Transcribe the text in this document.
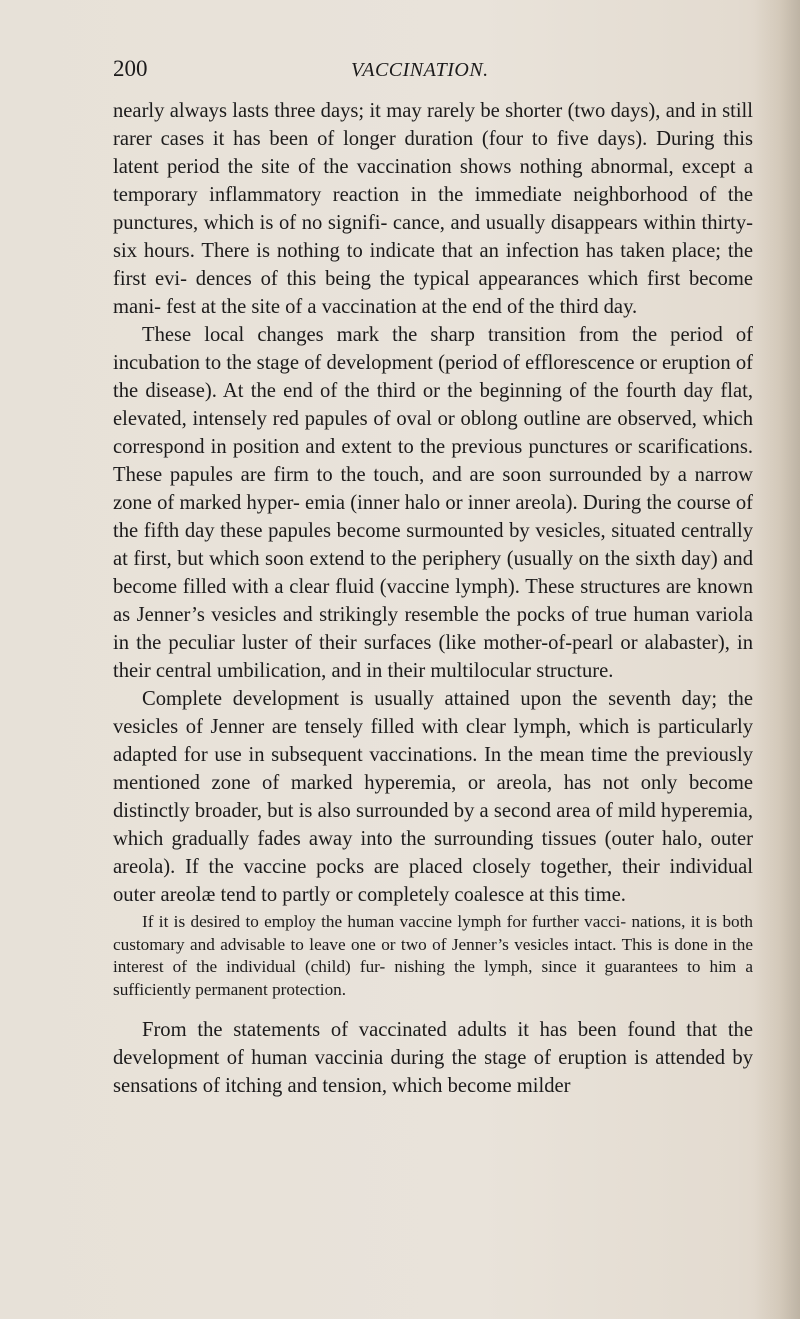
200	VACCINATION.

nearly always lasts three days; it may rarely be shorter (two days), and in still rarer cases it has been of longer duration (four to five days). During this latent period the site of the vaccination shows nothing abnormal, except a temporary inflammatory reaction in the immediate neighborhood of the punctures, which is of no signifi- cance, and usually disappears within thirty-six hours. There is nothing to indicate that an infection has taken place; the first evi- dences of this being the typical appearances which first become mani- fest at the site of a vaccination at the end of the third day.

These local changes mark the sharp transition from the period of incubation to the stage of development (period of efflorescence or eruption of the disease). At the end of the third or the beginning of the fourth day flat, elevated, intensely red papules of oval or oblong outline are observed, which correspond in position and extent to the previous punctures or scarifications. These papules are firm to the touch, and are soon surrounded by a narrow zone of marked hyper- emia (inner halo or inner areola). During the course of the fifth day these papules become surmounted by vesicles, situated centrally at first, but which soon extend to the periphery (usually on the sixth day) and become filled with a clear fluid (vaccine lymph). These structures are known as Jenner’s vesicles and strikingly resemble the pocks of true human variola in the peculiar luster of their surfaces (like mother-of-pearl or alabaster), in their central umbilication, and in their multilocular structure.

Complete development is usually attained upon the seventh day; the vesicles of Jenner are tensely filled with clear lymph, which is particularly adapted for use in subsequent vaccinations. In the mean time the previously mentioned zone of marked hyperemia, or areola, has not only become distinctly broader, but is also surrounded by a second area of mild hyperemia, which gradually fades away into the surrounding tissues (outer halo, outer areola). If the vaccine pocks are placed closely together, their individual outer areolæ tend to partly or completely coalesce at this time.

If it is desired to employ the human vaccine lymph for further vacci- nations, it is both customary and advisable to leave one or two of Jenner’s vesicles intact. This is done in the interest of the individual (child) fur- nishing the lymph, since it guarantees to him a sufficiently permanent protection.

From the statements of vaccinated adults it has been found that the development of human vaccinia during the stage of eruption is attended by sensations of itching and tension, which become milder
